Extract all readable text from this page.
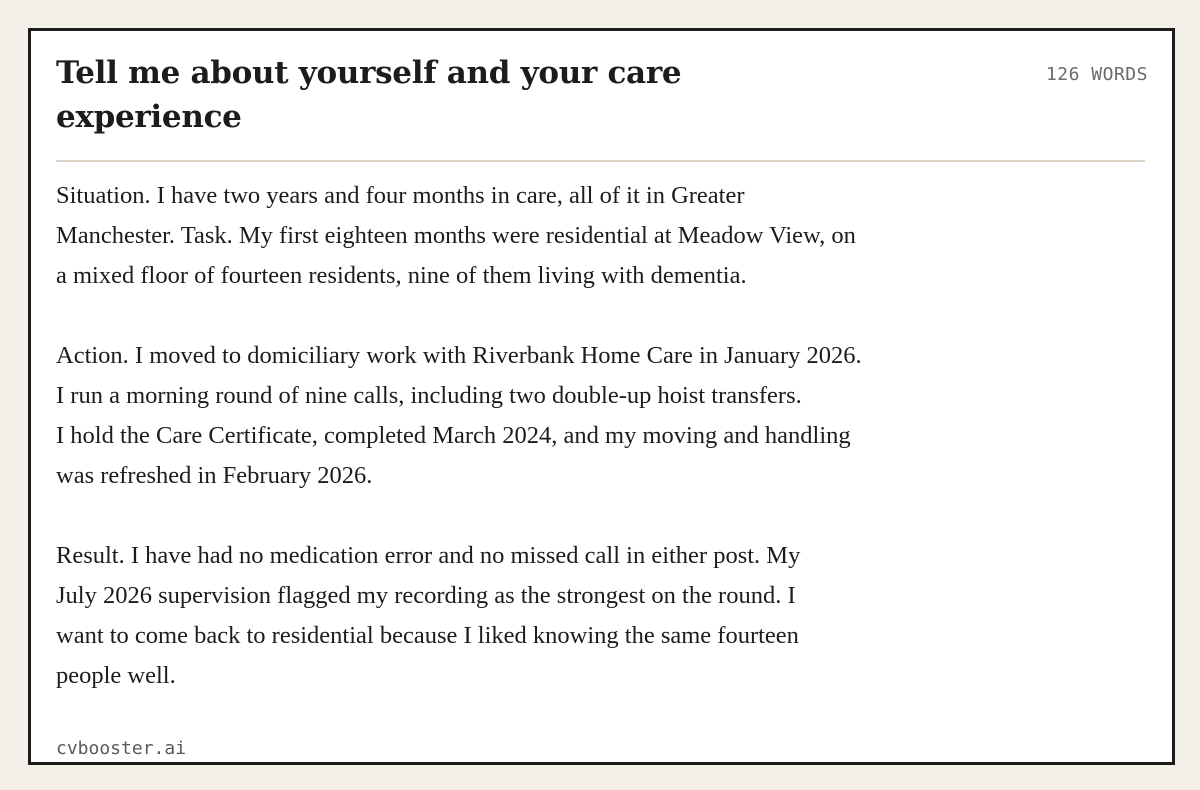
Tell me about yourself and your care experience
126 WORDS

Situation. I have two years and four months in care, all of it in Greater
Manchester. Task. My first eighteen months were residential at Meadow View, on
a mixed floor of fourteen residents, nine of them living with dementia.

Action. I moved to domiciliary work with Riverbank Home Care in January 2026.
I run a morning round of nine calls, including two double-up hoist transfers.
I hold the Care Certificate, completed March 2024, and my moving and handling
was refreshed in February 2026.

Result. I have had no medication error and no missed call in either post. My
July 2026 supervision flagged my recording as the strongest on the round. I
want to come back to residential because I liked knowing the same fourteen
people well.

cvbooster.ai
